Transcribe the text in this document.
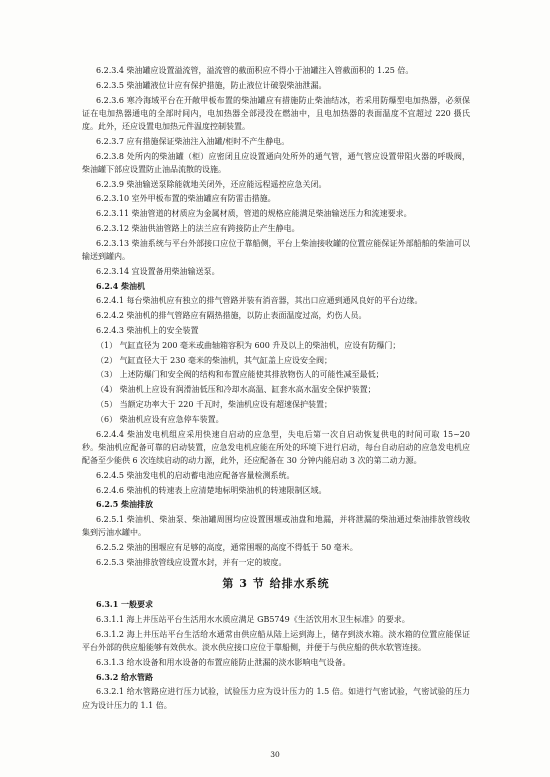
6.2.3.4 柴油罐应设置溢流管，溢流管的截面积应不得小于油罐注入管截面积的 1.25 倍。

6.2.3.5 柴油罐液位计应有保护措施，防止液位计破裂柴油泄漏。

6.2.3.6 寒冷海域平台在开敞甲板布置的柴油罐应有措施防止柴油结冰，若采用防爆型电加热器，必须保证在电加热器通电的全部时间内，电加热器全部浸没在燃油中，且电加热器的表面温度不宜超过 220 摄氏度。此外，还应设置电加热元件温度控制装置。

6.2.3.7 应有措施保证柴油注入油罐/柜时不产生静电。

6.2.3.8 处所内的柴油罐（柜）应密闭且应设置通向处所外的通气管，通气管应设置带阻火器的呼吸阀，柴油罐下部应设置防止油品流散的设施。

6.2.3.9 柴油输送泵除能就地关闭外，还应能远程遥控应急关闭。

6.2.3.10 室外甲板布置的柴油罐应有防雷击措施。

6.2.3.11 柴油管道的材质应为金属材质，管道的规格应能满足柴油输送压力和流速要求。

6.2.3.12 柴油供油管路上的法兰应有跨接防止产生静电。

6.2.3.13 柴油系统与平台外部接口应位于靠船侧，平台上柴油接收罐的位置应能保证外部船舶的柴油可以输送到罐内。

6.2.3.14 宜设置备用柴油输送泵。

6.2.4 柴油机

6.2.4.1 每台柴油机应有独立的排气管路并装有消音器，其出口应通到通风良好的平台边缘。

6.2.4.2 柴油机的排气管路应有隔热措施，以防止表面温度过高，灼伤人员。

6.2.4.3 柴油机上的安全装置

（1） 气缸直径为 200 毫米或曲轴箱容积为 600 升及以上的柴油机，应设有防爆门；

（2） 气缸直径大于 230 毫米的柴油机，其气缸盖上应设安全阀；

（3） 上述防爆门和安全阀的结构和布置应能使其排放物伤人的可能性减至最低；

（4） 柴油机上应设有润滑油低压和冷却水高温、缸套水高水温安全保护装置；

（5） 当额定功率大于 220 千瓦时，柴油机应设有超速保护装置；

（6） 柴油机应设有应急停车装置。

6.2.4.4 柴油发电机组应采用快速自启动的应急型，失电后第一次自启动恢复供电的时间可取 15~20 秒。柴油机应配备可靠的启动装置，应急发电机应能在所处的环境下进行启动，每台自动启动的应急发电机应配备至少能供 6 次连续启动的动力源，此外，还应配备在 30 分钟内能启动 3 次的第二动力源。

6.2.4.5 柴油发电机的启动蓄电池应配备容量检测系统。

6.2.4.6 柴油机的转速表上应清楚地标明柴油机的转速限制区域。

6.2.5 柴油排放

6.2.5.1 柴油机、柴油泵、柴油罐周围均应设置围堰或油盘和地漏，并将泄漏的柴油通过柴油排放管线收集到污油水罐中。

6.2.5.2 柴油的围堰应有足够的高度，通常围堰的高度不得低于 50 毫米。

6.2.5.3 柴油排放管线应设置水封，并有一定的坡度。

第 3 节 给排水系统

6.3.1 一般要求

6.3.1.1 海上井压站平台生活用水水质应满足 GB5749《生活饮用水卫生标准》的要求。

6.3.1.2 海上井压站平台生活给水通常由供应船从陆上运到海上，储存到淡水箱。淡水箱的位置应能保证平台外部的供应船能够有效供水。淡水供应接口应位于靠船侧，并便于与供应船的供水软管连接。

6.3.1.3 给水设备和用水设备的布置应能防止泄漏的淡水影响电气设备。

6.3.2 给水管路

6.3.2.1 给水管路应进行压力试验，试验压力应为设计压力的 1.5 倍。如进行气密试验，气密试验的压力应为设计压力的 1.1 倍。

30
